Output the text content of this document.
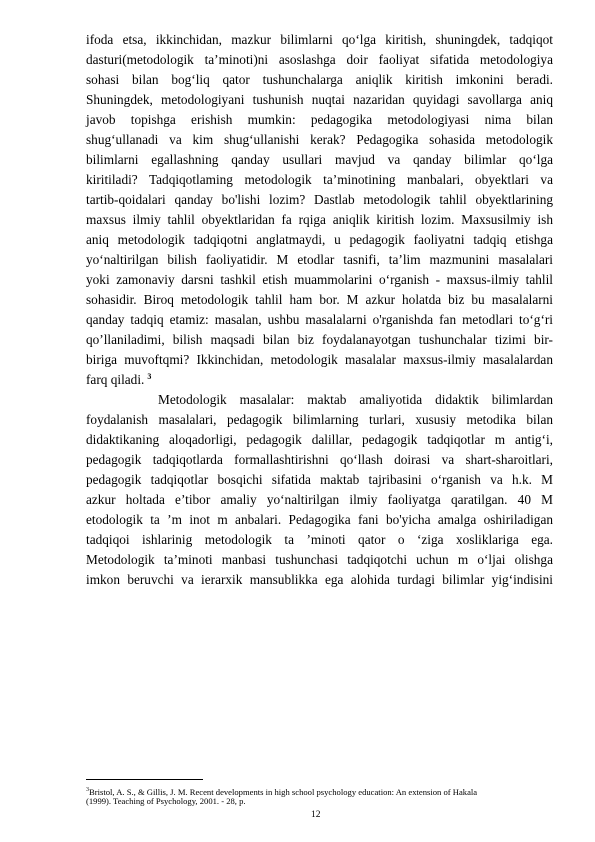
ifoda etsa, ikkinchidan, mazkur bilimlarni qo‘lga kiritish, shuningdek, tadqiqot
dasturi(metodologik ta’minoti)ni asoslashga doir faoliyat sifatida metodologiya
sohasi bilan bog‘liq qator tushunchalarga aniqlik kiritish imkonini beradi.
Shuningdek, metodologiyani tushunish nuqtai nazaridan quyidagi savollarga aniq
javob topishga erishish mumkin: pedagogika metodologiyasi nima bilan
shug‘ullanadi va kim shug‘ullanishi kerak? Pedagogika sohasida metodologik
bilimlarni egallashning qanday usullari mavjud va qanday bilimlar qo‘lga
kiritiladi? Tadqiqotlaming metodologik ta’minotining manbalari, obyektlari va
tartib-qoidalari qanday bo'lishi lozim? Dastlab metodologik tahlil obyektlarining
maxsus ilmiy tahlil obyektlaridan fa rqiga aniqlik kiritish lozim. Maxsusilmiy ish
aniq metodologik tadqiqotni anglatmaydi, u pedagogik faoliyatni tadqiq etishga
yo‘naltirilgan bilish faoliyatidir. M etodlar tasnifi, ta’lim mazmunini masalalari
yoki zamonaviy darsni tashkil etish muammolarini o‘rganish - maxsus-ilmiy tahlil
sohasidir. Biroq metodologik tahlil ham bor. M azkur holatda biz bu masalalarni
qanday tadqiq etamiz: masalan, ushbu masalalarni o'rganishda fan metodlari to‘g‘ri
qo’llaniladimi, bilish maqsadi bilan biz foydalanayotgan tushunchalar tizimi bir-
biriga muvoftqmi? Ikkinchidan, metodologik masalalar maxsus-ilmiy masalalardan
farq qiladi. $^3$
Metodologik masalalar: maktab amaliyotida didaktik bilimlardan
foydalanish masalalari, pedagogik bilimlarning turlari, xususiy metodika bilan
didaktikaning aloqadorligi, pedagogik dalillar, pedagogik tadqiqotlar m antig‘i,
pedagogik tadqiqotlarda formallashtirishni qo‘llash doirasi va shart-sharoitlari,
pedagogik tadqiqotlar bosqichi sifatida maktab tajribasini o‘rganish va h.k. M
azkur holtada e’tibor amaliy yo‘naltirilgan ilmiy faoliyatga qaratilgan. 40 M
etodologik ta ’m inot m anbalari. Pedagogika fani bo'yicha amalga oshiriladigan
tadqiqoi ishlarinig metodologik ta ’minoti qator o ‘ziga xosliklariga ega.
Metodologik ta’minoti manbasi tushunchasi tadqiqotchi uchun m o‘ljai olishga
imkon beruvchi va ierarxik mansublikka ega alohida turdagi bilimlar yig‘indisini
$^3$Bristol, A. S., & Gillis, J. M. Recent developments in high school psychology education: An extension of Hakala
(1999). Teaching of Psychology, 2001. - 28, p.
12
